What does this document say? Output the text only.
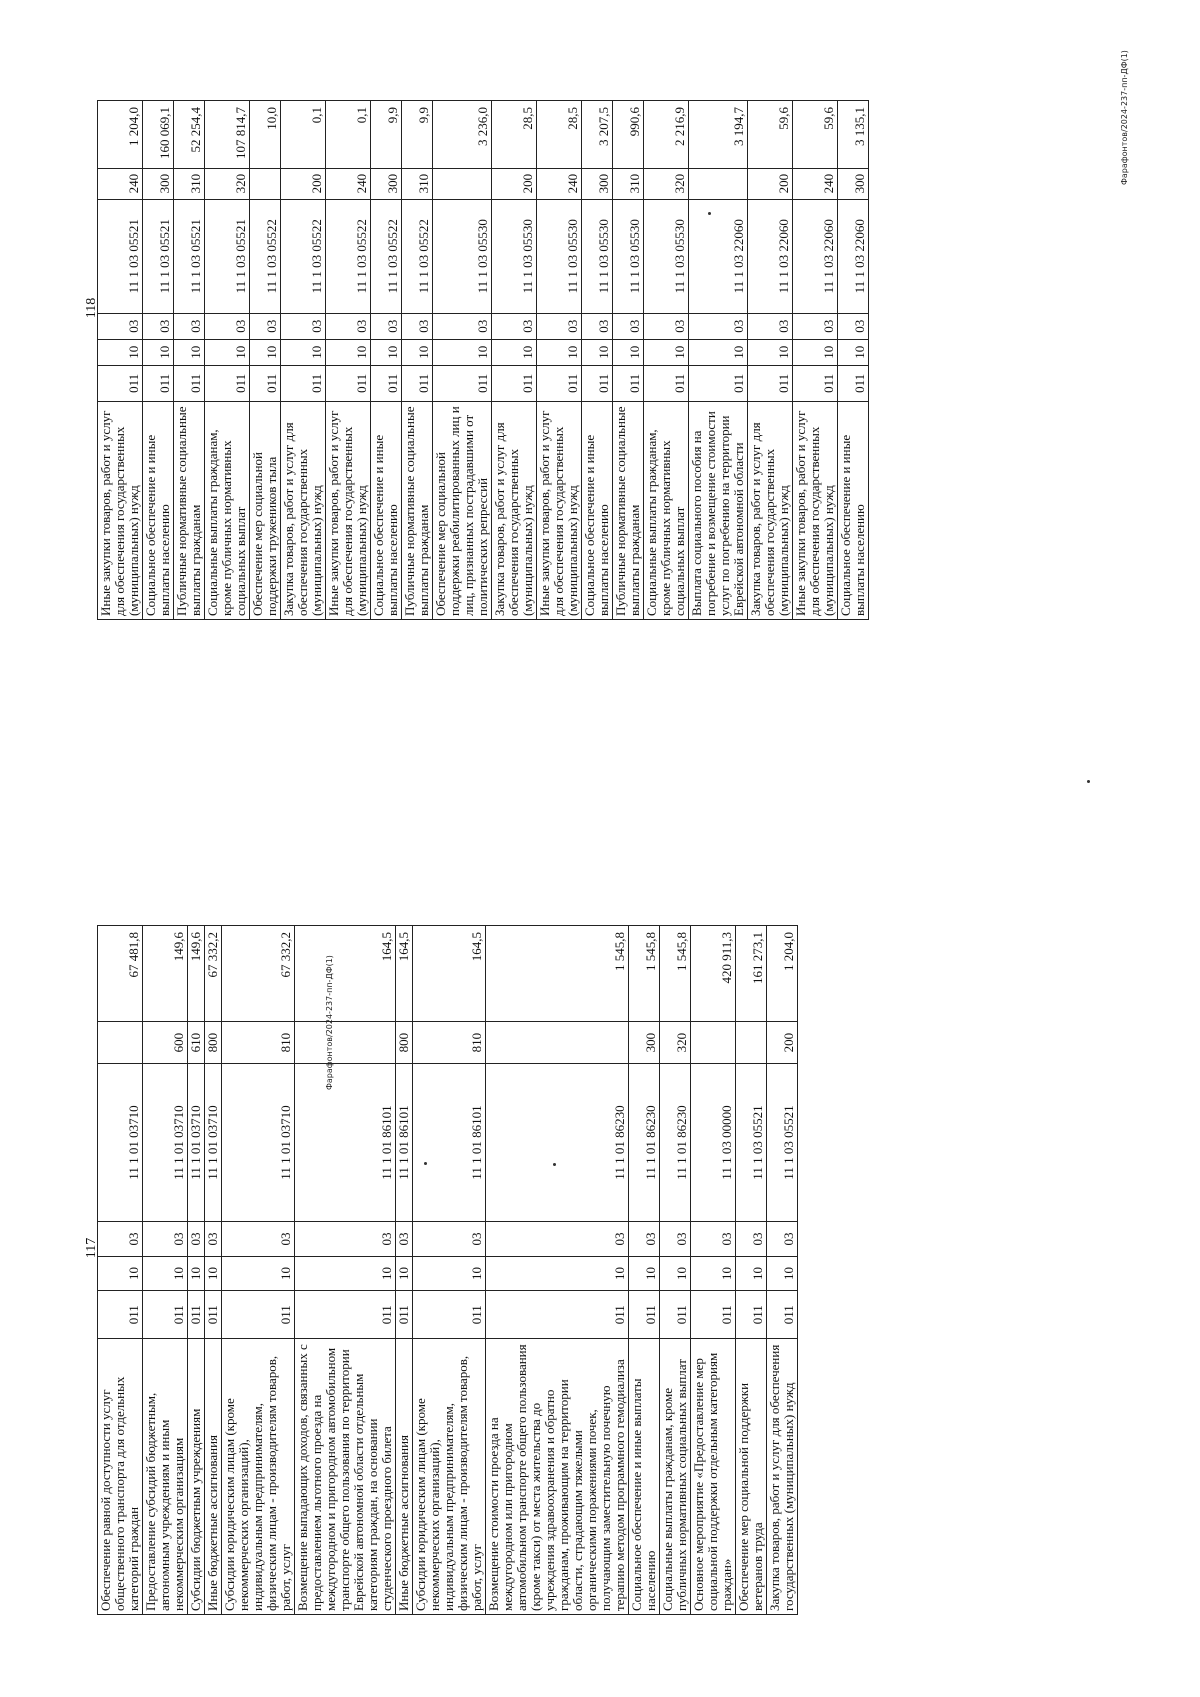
117
118
Обеспечение равной доступности услуг общественного транспорта для отдельных категорий граждан	011	10	03	11 1 01 03710		67 481,8
Предоставление субсидий бюджетным, автономным учреждениям и иным некоммерческим организациям	011	10	03	11 1 01 03710	600	149,6
Субсидии бюджетным учреждениям	011	10	03	11 1 01 03710	610	149,6
Иные бюджетные ассигнования	011	10	03	11 1 01 03710	800	67 332,2
Субсидии юридическим лицам (кроме некоммерческих организаций), индивидуальным предпринимателям, физическим лицам - производителям товаров, работ, услуг	011	10	03	11 1 01 03710	810	67 332,2
Возмещение выпадающих доходов, связанных с предоставлением льготного проезда на междугородном и пригородном автомобильном транспорте общего пользования по территории Еврейской автономной области отдельным категориям граждан, на основании студенческого проездного билета	011	10	03	11 1 01 86101		164,5
Иные бюджетные ассигнования	011	10	03	11 1 01 86101	800	164,5
Субсидии юридическим лицам (кроме некоммерческих организаций), индивидуальным предпринимателям, физическим лицам - производителям товаров, работ, услуг	011	10	03	11 1 01 86101	810	164,5
Возмещение стоимости проезда на междугородном или пригородном автомобильном транспорте общего пользования (кроме такси) от места жительства до учреждения здравоохранения и обратно гражданам, проживающим на территории области, страдающим тяжелыми органическими поражениями почек, получающим заместительную почечную терапию методом программного гемодиализа	011	10	03	11 1 01 86230		1 545,8
Социальное обеспечение и иные выплаты населению	011	10	03	11 1 01 86230	300	1 545,8
Социальные выплаты гражданам, кроме публичных нормативных социальных выплат	011	10	03	11 1 01 86230	320	1 545,8
Основное мероприятие «Предоставление мер социальной поддержки отдельным категориям граждан»	011	10	03	11 1 03 00000		420 911,3
Обеспечение мер социальной поддержки ветеранов труда	011	10	03	11 1 03 05521		161 273,1
Закупка товаров, работ и услуг для обеспечения государственных (муниципальных) нужд	011	10	03	11 1 03 05521	200	1 204,0
Иные закупки товаров, работ и услуг для обеспечения государственных (муниципальных) нужд	011	10	03	11 1 03 05521	240	1 204,0
Социальное обеспечение и иные выплаты населению	011	10	03	11 1 03 05521	300	160 069,1
Публичные нормативные социальные выплаты гражданам	011	10	03	11 1 03 05521	310	52 254,4
Социальные выплаты гражданам, кроме публичных нормативных социальных выплат	011	10	03	11 1 03 05521	320	107 814,7
Обеспечение мер социальной поддержки тружеников тыла	011	10	03	11 1 03 05522		10,0
Закупка товаров, работ и услуг для обеспечения государственных (муниципальных) нужд	011	10	03	11 1 03 05522	200	0,1
Иные закупки товаров, работ и услуг для обеспечения государственных (муниципальных) нужд	011	10	03	11 1 03 05522	240	0,1
Социальное обеспечение и иные выплаты населению	011	10	03	11 1 03 05522	300	9,9
Публичные нормативные социальные выплаты гражданам	011	10	03	11 1 03 05522	310	9,9
Обеспечение мер социальной поддержки реабилитированных лиц и лиц, признанных пострадавшими от политических репрессий	011	10	03	11 1 03 05530		3 236,0
Закупка товаров, работ и услуг для обеспечения государственных (муниципальных) нужд	011	10	03	11 1 03 05530	200	28,5
Иные закупки товаров, работ и услуг для обеспечения государственных (муниципальных) нужд	011	10	03	11 1 03 05530	240	28,5
Социальное обеспечение и иные выплаты населению	011	10	03	11 1 03 05530	300	3 207,5
Публичные нормативные социальные выплаты гражданам	011	10	03	11 1 03 05530	310	990,6
Социальные выплаты гражданам, кроме публичных нормативных социальных выплат	011	10	03	11 1 03 05530	320	2 216,9
Выплата социального пособия на погребение и возмещение стоимости услуг по погребению на территории Еврейской автономной области	011	10	03	11 1 03 22060		3 194,7
Закупка товаров, работ и услуг для обеспечения государственных (муниципальных) нужд	011	10	03	11 1 03 22060	200	59,6
Иные закупки товаров, работ и услуг для обеспечения государственных (муниципальных) нужд	011	10	03	11 1 03 22060	240	59,6
Социальное обеспечение и иные выплаты населению	011	10	03	11 1 03 22060	300	3 135,1
Фарафонтов/2024-237-пп-ДФ(1)
Фарафонтов/2024-237-пп-ДФ(1)
